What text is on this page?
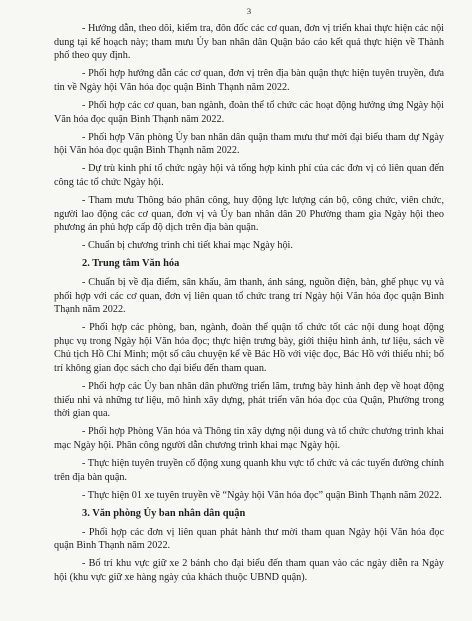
3

- Hướng dẫn, theo dõi, kiểm tra, đôn đốc các cơ quan, đơn vị triển khai thực hiện các nội dung tại kế hoạch này; tham mưu Ủy ban nhân dân Quận báo cáo kết quả thực hiện về Thành phố theo quy định.

- Phối hợp hướng dẫn các cơ quan, đơn vị trên địa bàn quận thực hiện tuyên truyền, đưa tin về Ngày hội Văn hóa đọc quận Bình Thạnh năm 2022.

- Phối hợp các cơ quan, ban ngành, đoàn thể tổ chức các hoạt động hưởng ứng Ngày hội Văn hóa đọc quận Bình Thạnh năm 2022.

- Phối hợp Văn phòng Ủy ban nhân dân quận tham mưu thư mời đại biểu tham dự Ngày hội Văn hóa đọc quận Bình Thạnh năm 2022.

- Dự trù kinh phí tổ chức ngày hội và tổng hợp kinh phí của các đơn vị có liên quan đến công tác tổ chức Ngày hội.

- Tham mưu Thông báo phân công, huy động lực lượng cán bộ, công chức, viên chức, người lao động các cơ quan, đơn vị và Ủy ban nhân dân 20 Phường tham gia Ngày hội theo phương án phủ hợp cấp độ dịch trên địa bàn quận.

- Chuẩn bị chương trình chi tiết khai mạc Ngày hội.

2. Trung tâm Văn hóa

- Chuẩn bị về địa điểm, sân khấu, âm thanh, ánh sáng, nguồn điện, bàn, ghế phục vụ và phối hợp với các cơ quan, đơn vị liên quan tổ chức trang trí Ngày hội Văn hóa đọc quận Bình Thạnh năm 2022.

- Phối hợp các phòng, ban, ngành, đoàn thể quận tổ chức tốt các nội dung hoạt động phục vụ trong Ngày hội Văn hóa đọc; thực hiện trưng bày, giới thiệu hình ảnh, tư liệu, sách về Chủ tịch Hồ Chí Minh; một số câu chuyện kể về Bác Hồ với việc đọc, Bác Hồ với thiếu nhi; bố trí không gian đọc sách cho đại biểu đến tham quan.

- Phối hợp các Ủy ban nhân dân phường triển lãm, trưng bày hình ảnh đẹp về hoạt động thiếu nhi và những tư liệu, mô hình xây dựng, phát triển văn hóa đọc của Quận, Phường trong thời gian qua.

- Phối hợp Phòng Văn hóa và Thông tin xây dựng nội dung và tổ chức chương trình khai mạc Ngày hội. Phân công người dẫn chương trình khai mạc Ngày hội.

- Thực hiện tuyên truyền cổ động xung quanh khu vực tổ chức và các tuyến đường chính trên địa bàn quận.

- Thực hiện 01 xe tuyên truyền về “Ngày hội Văn hóa đọc” quận Bình Thạnh năm 2022.

3. Văn phòng Ủy ban nhân dân quận

- Phối hợp các đơn vị liên quan phát hành thư mời tham quan Ngày hội Văn hóa đọc quận Bình Thạnh năm 2022.

- Bố trí khu vực giữ xe 2 bánh cho đại biểu đến tham quan vào các ngày diễn ra Ngày hội (khu vực giữ xe hàng ngày của khách thuộc UBND quận).
